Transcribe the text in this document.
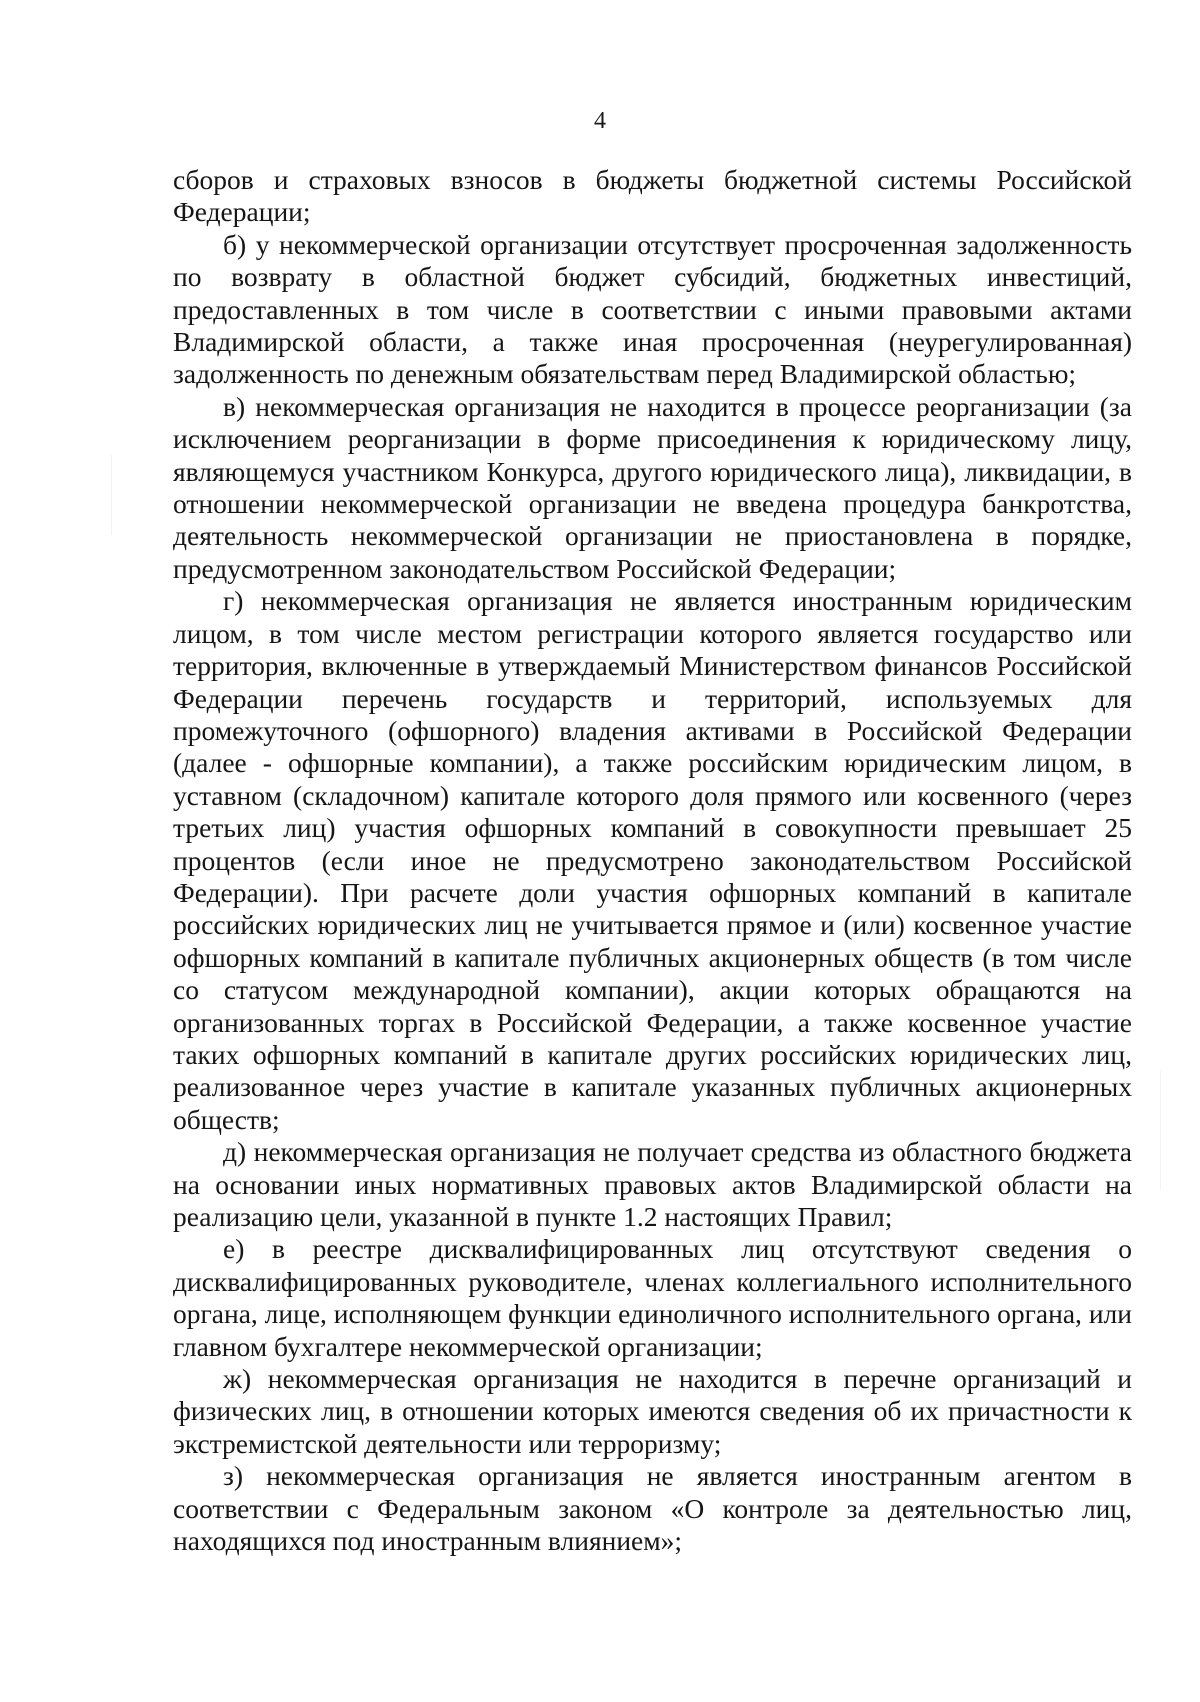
4

сборов и страховых взносов в бюджеты бюджетной системы Российской Федерации;

б) у некоммерческой организации отсутствует просроченная задолженность по возврату в областной бюджет субсидий, бюджетных инвестиций, предоставленных в том числе в соответствии с иными правовыми актами Владимирской области, а также иная просроченная (неурегулированная) задолженность по денежным обязательствам перед Владимирской областью;

в) некоммерческая организация не находится в процессе реорганизации (за исключением реорганизации в форме присоединения к юридическому лицу, являющемуся участником Конкурса, другого юридического лица), ликвидации, в отношении некоммерческой организации не введена процедура банкротства, деятельность некоммерческой организации не приостановлена в порядке, предусмотренном законодательством Российской Федерации;

г) некоммерческая организация не является иностранным юридическим лицом, в том числе местом регистрации которого является государство или территория, включенные в утверждаемый Министерством финансов Российской Федерации перечень государств и территорий, используемых для промежуточного (офшорного) владения активами в Российской Федерации (далее - офшорные компании), а также российским юридическим лицом, в уставном (складочном) капитале которого доля прямого или косвенного (через третьих лиц) участия офшорных компаний в совокупности превышает 25 процентов (если иное не предусмотрено законодательством Российской Федерации). При расчете доли участия офшорных компаний в капитале российских юридических лиц не учитывается прямое и (или) косвенное участие офшорных компаний в капитале публичных акционерных обществ (в том числе со статусом международной компании), акции которых обращаются на организованных торгах в Российской Федерации, а также косвенное участие таких офшорных компаний в капитале других российских юридических лиц, реализованное через участие в капитале указанных публичных акционерных обществ;

д) некоммерческая организация не получает средства из областного бюджета на основании иных нормативных правовых актов Владимирской области на реализацию цели, указанной в пункте 1.2 настоящих Правил;

е) в реестре дисквалифицированных лиц отсутствуют сведения о дисквалифицированных руководителе, членах коллегиального исполнительного органа, лице, исполняющем функции единоличного исполнительного органа, или главном бухгалтере некоммерческой организации;

ж) некоммерческая организация не находится в перечне организаций и физических лиц, в отношении которых имеются сведения об их причастности к экстремистской деятельности или терроризму;

з) некоммерческая организация не является иностранным агентом в соответствии с Федеральным законом «О контроле за деятельностью лиц, находящихся под иностранным влиянием»;
